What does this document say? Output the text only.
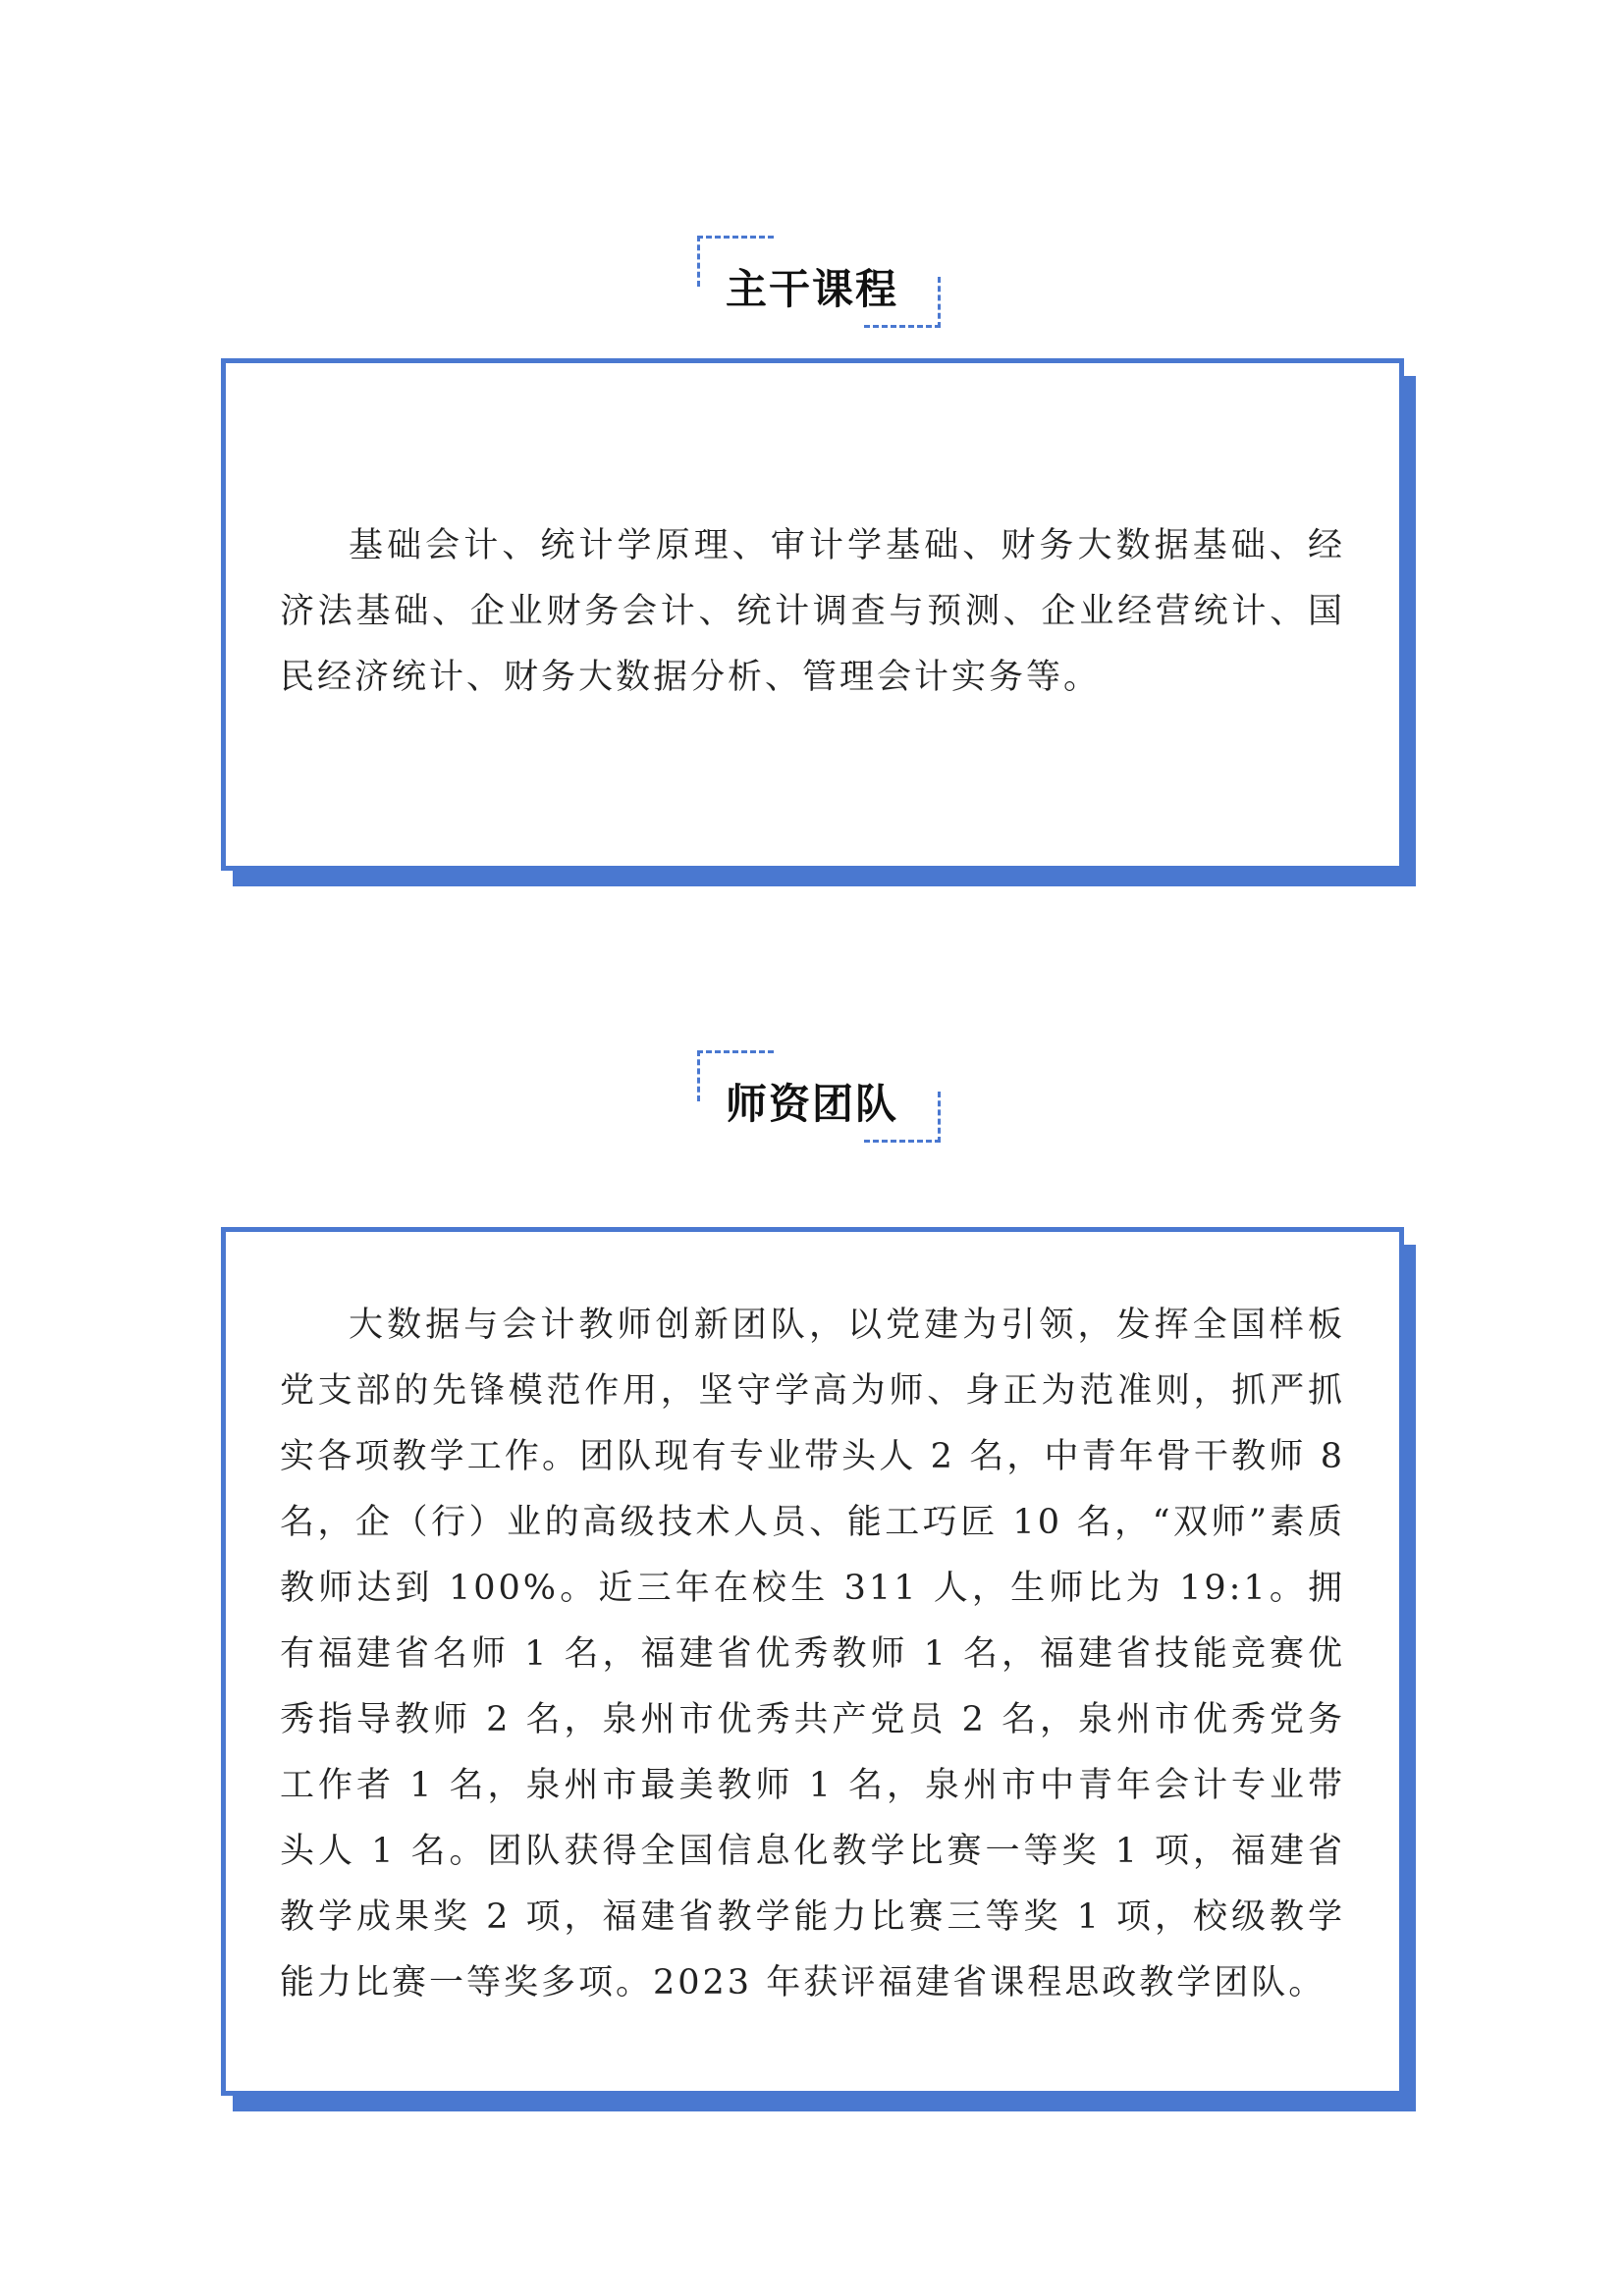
主干课程

基础会计、统计学原理、审计学基础、财务大数据基础、经济法基础、企业财务会计、统计调查与预测、企业经营统计、国民经济统计、财务大数据分析、管理会计实务等。

师资团队

大数据与会计教师创新团队，以党建为引领，发挥全国样板党支部的先锋模范作用，坚守学高为师、身正为范准则，抓严抓实各项教学工作。团队现有专业带头人 2 名，中青年骨干教师 8 名，企（行）业的高级技术人员、能工巧匠 10 名，“双师”素质教师达到 100%。近三年在校生 311 人，生师比为 19:1。拥有福建省名师 1 名，福建省优秀教师 1 名，福建省技能竞赛优秀指导教师 2 名，泉州市优秀共产党员 2 名，泉州市优秀党务工作者 1 名，泉州市最美教师 1 名，泉州市中青年会计专业带头人 1 名。团队获得全国信息化教学比赛一等奖 1 项，福建省教学成果奖 2 项，福建省教学能力比赛三等奖 1 项，校级教学能力比赛一等奖多项。2023 年获评福建省课程思政教学团队。
